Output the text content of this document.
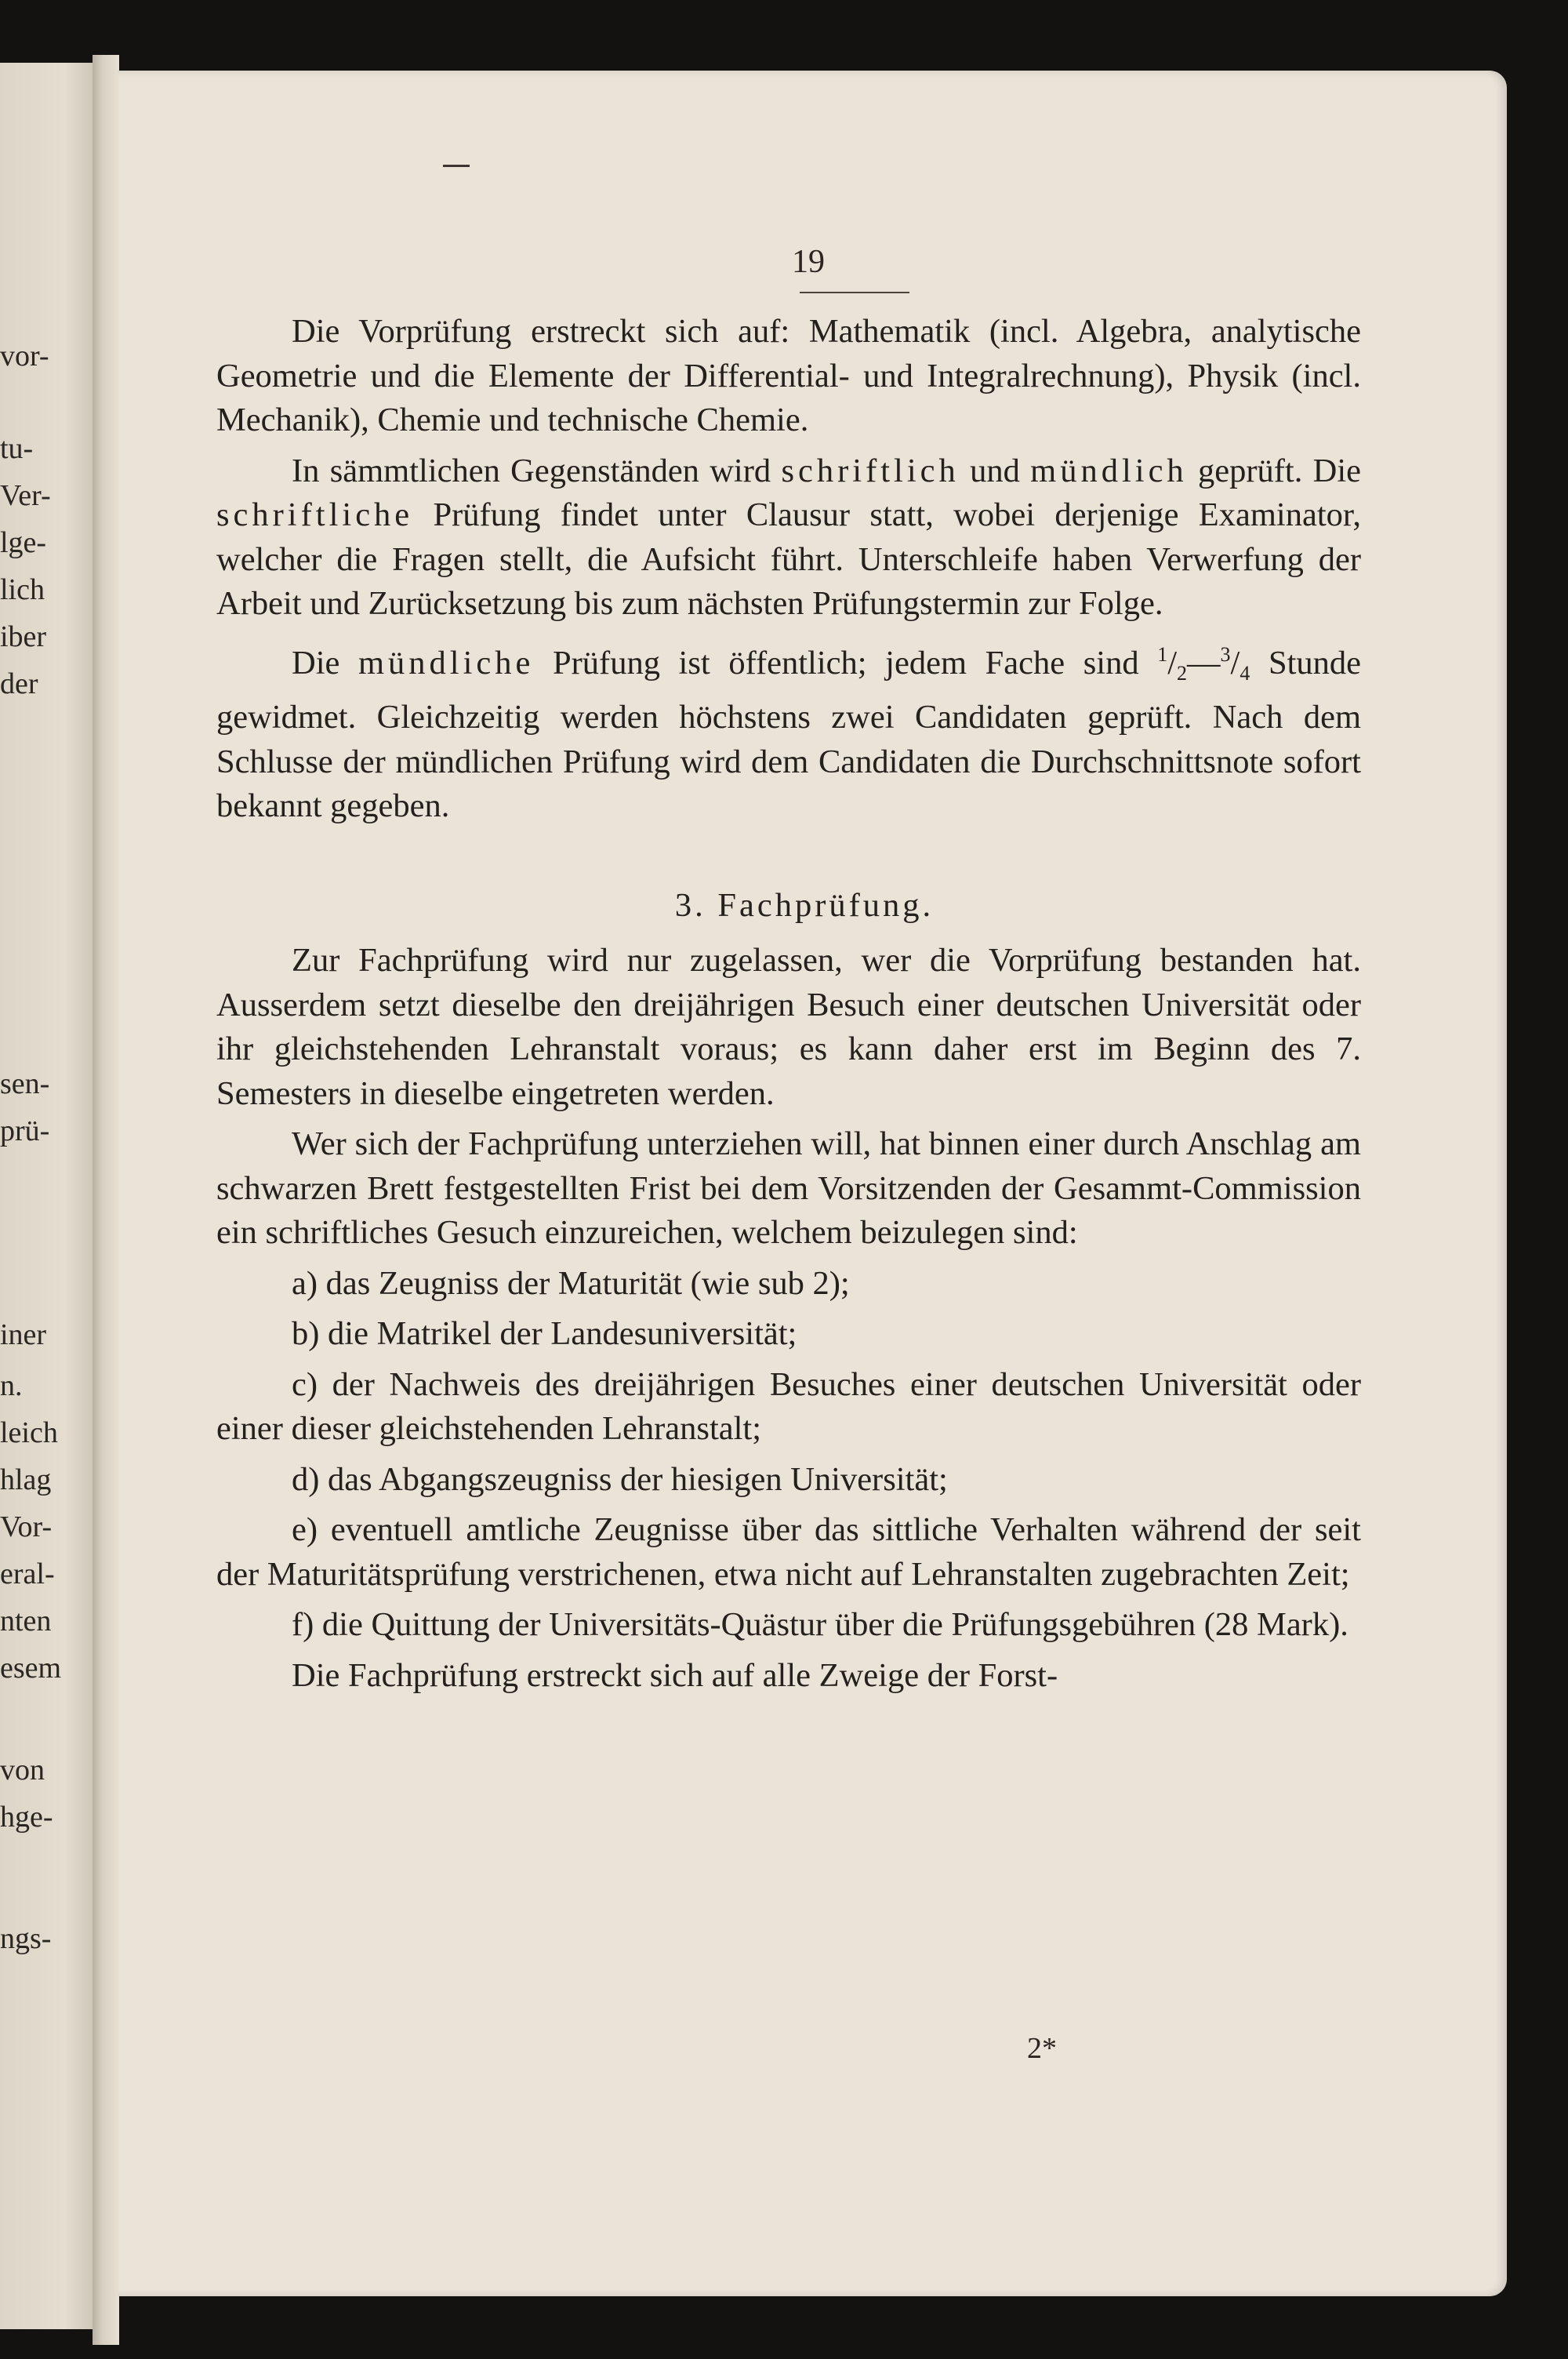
vor-
tu-
Ver-
lge-
lich
iber
der
sen-
prü-
iner
n.
leich
hlag
Vor-
eral-
nten
esem
von
hge-
ngs-
19

Die Vorprüfung erstreckt sich auf: Mathematik (incl. Algebra, analytische Geometrie und die Elemente der Differential- und Integralrechnung), Physik (incl. Mechanik), Chemie und technische Chemie.

In sämmtlichen Gegenständen wird schriftlich und mündlich geprüft. Die schriftliche Prüfung findet unter Clausur statt, wobei derjenige Examinator, welcher die Fragen stellt, die Aufsicht führt. Unterschleife haben Verwerfung der Arbeit und Zurücksetzung bis zum nächsten Prüfungstermin zur Folge.

Die mündliche Prüfung ist öffentlich; jedem Fache sind $^1/_2—^3/_4$ Stunde gewidmet. Gleichzeitig werden höchstens zwei Candidaten geprüft. Nach dem Schlusse der mündlichen Prüfung wird dem Candidaten die Durchschnittsnote sofort bekannt gegeben.

3. Fachprüfung.

Zur Fachprüfung wird nur zugelassen, wer die Vorprüfung bestanden hat. Ausserdem setzt dieselbe den dreijährigen Besuch einer deutschen Universität oder ihr gleichstehenden Lehranstalt voraus; es kann daher erst im Beginn des 7. Semesters in dieselbe eingetreten werden.

Wer sich der Fachprüfung unterziehen will, hat binnen einer durch Anschlag am schwarzen Brett festgestellten Frist bei dem Vorsitzenden der Gesammt-Commission ein schriftliches Gesuch einzureichen, welchem beizulegen sind:

a) das Zeugniss der Maturität (wie sub 2);

b) die Matrikel der Landesuniversität;

c) der Nachweis des dreijährigen Besuches einer deutschen Universität oder einer dieser gleichstehenden Lehranstalt;

d) das Abgangszeugniss der hiesigen Universität;

e) eventuell amtliche Zeugnisse über das sittliche Verhalten während der seit der Maturitätsprüfung verstrichenen, etwa nicht auf Lehranstalten zugebrachten Zeit;

f) die Quittung der Universitäts-Quästur über die Prüfungsgebühren (28 Mark).

Die Fachprüfung erstreckt sich auf alle Zweige der Forst-

2*
